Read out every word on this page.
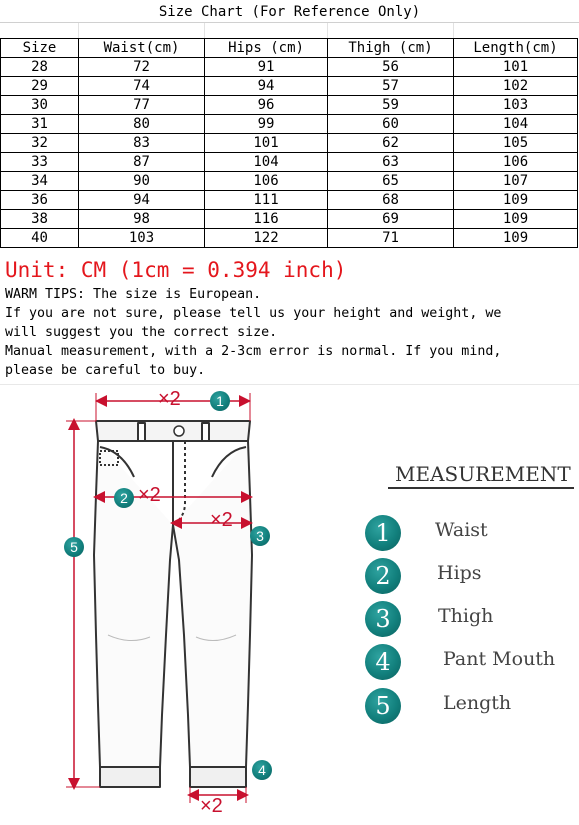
Size Chart (For Reference Only)
Size	Waist(cm)	Hips (cm)	Thigh (cm)	Length(cm)
28	72	91	56	101
29	74	94	57	102
30	77	96	59	103
31	80	99	60	104
32	83	101	62	105
33	87	104	63	106
34	90	106	65	107
36	94	111	68	109
38	98	116	69	109
40	103	122	71	109
Unit: CM (1cm = 0.394 inch)
WARM TIPS: The size is European.
If you are not sure, please tell us your height and weight, we
will suggest you the correct size.
Manual measurement, with a 2-3cm error is normal. If you mind,
please be careful to buy.
×2	1
×2
2
×2
3
4
×2
5
MEASUREMENT
1	Waist
2	Hips
3	Thigh
4	Pant Mouth
5	Length
